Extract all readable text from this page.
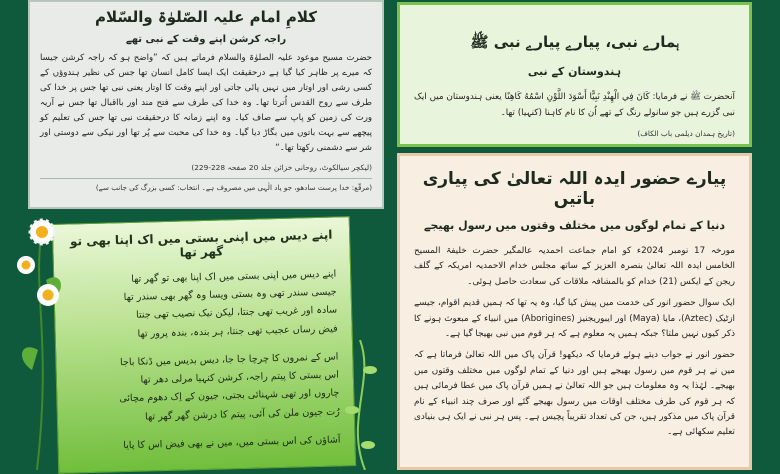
کلامِ امام علیہ الصّلوٰۃ والسّلام
راجہ کرشن اپنے وقت کے نبی تھے

حضرت مسیح موعود علیہ الصلوٰۃ والسلام فرماتے ہیں کہ ”واضح ہو کہ راجہ کرشن جیسا کہ میرے پر ظاہر کیا گیا ہے درحقیقت ایک ایسا کامل انسان تھا جس کی نظیر ہندوؤں کے کسی رشی اور اوتار میں نہیں پائی جاتی اور اپنے وقت کا اوتار یعنی نبی تھا جس پر خدا کی طرف سے روح القدس اُترتا تھا۔ وہ خدا کی طرف سے فتح مند اور بااقبال تھا جس نے آریہ ورت کی زمین کو پاپ سے صاف کیا۔ وہ اپنے زمانہ کا درحقیقت نبی تھا جس کی تعلیم کو پیچھے سے بہت باتوں میں بگاڑ دیا گیا۔ وہ خدا کی محبت سے پُر تھا اور نیکی سے دوستی اور شر سے دشمنی رکھتا تھا۔“

(لیکچر سیالکوٹ، روحانی خزائن جلد 20 صفحہ 228-229)
(مرقّع: خدا پرست سادھو، جو یاد الٰہی میں مصروف ہے۔ انتخاب: کسی بزرگ کی جانب سے)
ہمارے نبی، پیارے پیارے نبی ﷺ
ہندوستان کے نبی

آنحضرت ﷺ نے فرمایا: كَانَ فِي الْهِنْدِ نَبِيًّا أَسْوَدَ اللَّوْنِ اسْمُهُ كَاهِنًا یعنی ہندوستان میں ایک نبی گزرے ہیں جو سانولے رنگ کے تھے اُن کا نام کاہنا (کنہیا) تھا۔

(تاریخ ہمدان دیلمی باب الکاف)
پیارے حضور ایدہ اللہ تعالیٰ کی پیاری باتیں
دنیا کے تمام لوگوں میں مختلف وقتوں میں رسول بھیجے

مورخہ 17 نومبر 2024ء کو امام جماعت احمدیہ عالمگیر حضرت خلیفۃ المسیح الخامس ایدہ اللہ تعالیٰ بنصرہ العزیز کے ساتھ مجلس خدام الاحمدیہ امریکہ کے گلف ریجن کے ایکس (21) خدام کو بالمشافہ ملاقات کی سعادت حاصل ہوئی۔

ایک سوال حضور انور کی خدمت میں پیش کیا گیا، وہ یہ تھا کہ ہمیں قدیم اقوام، جیسے ازٹیک (Aztec)، مایا (Maya) اور ایبوریجنیز (Aborigines) میں انبیاء کے مبعوث ہونے کا ذکر کیوں نہیں ملتا؟ جبکہ ہمیں یہ معلوم ہے کہ ہر قوم میں نبی بھیجا گیا ہے۔

حضور انور نے جواب دیتے ہوئے فرمایا کہ دیکھو! قرآن پاک میں اللہ تعالیٰ فرماتا ہے کہ میں نے ہر قوم میں رسول بھیجے ہیں اور دنیا کے تمام لوگوں میں مختلف وقتوں میں بھیجے۔ لہٰذا یہ وہ معلومات ہیں جو اللہ تعالیٰ نے ہمیں قرآن پاک میں عطا فرمائی ہیں کہ ہر قوم کی طرف مختلف اوقات میں رسول بھیجے گئے اور صرف چند انبیاء کے نام قرآن پاک میں مذکور ہیں، جن کی تعداد تقریباً پچیس ہے۔ پس ہر نبی نے ایک ہی بنیادی تعلیم سکھائی ہے۔

اپنے دیس میں اپنی بستی میں اک اپنا بھی تو گھر تھا
اپنے دیس میں اپنی بستی میں اک اپنا بھی تو گھر تھا
جیسی سندر تھی وہ بستی ویسا وہ گھر بھی سندر تھا
سادہ اور غریب تھی جنتا، لیکن نیک نصیب تھی جنتا
فیض رساں عجیب تھی جنتا، ہر بندہ، بندہ پرور تھا
اس کے نمروں کا چرچا جا جا، دیس بدیس میں ڈنکا باجا
اس بستی کا پیتم راجہ، کرشن کنہیا مرلی دھر تھا
چاروں اور تھی شہنائی بجتی، جیون کے اِک دھوم مچائی
رُت جیون ملن کی آئی، پیتم کا درشن گھر گھر تھا
آشاؤں کی اس بستی میں، میں نے بھی فیض اس کا پایا
